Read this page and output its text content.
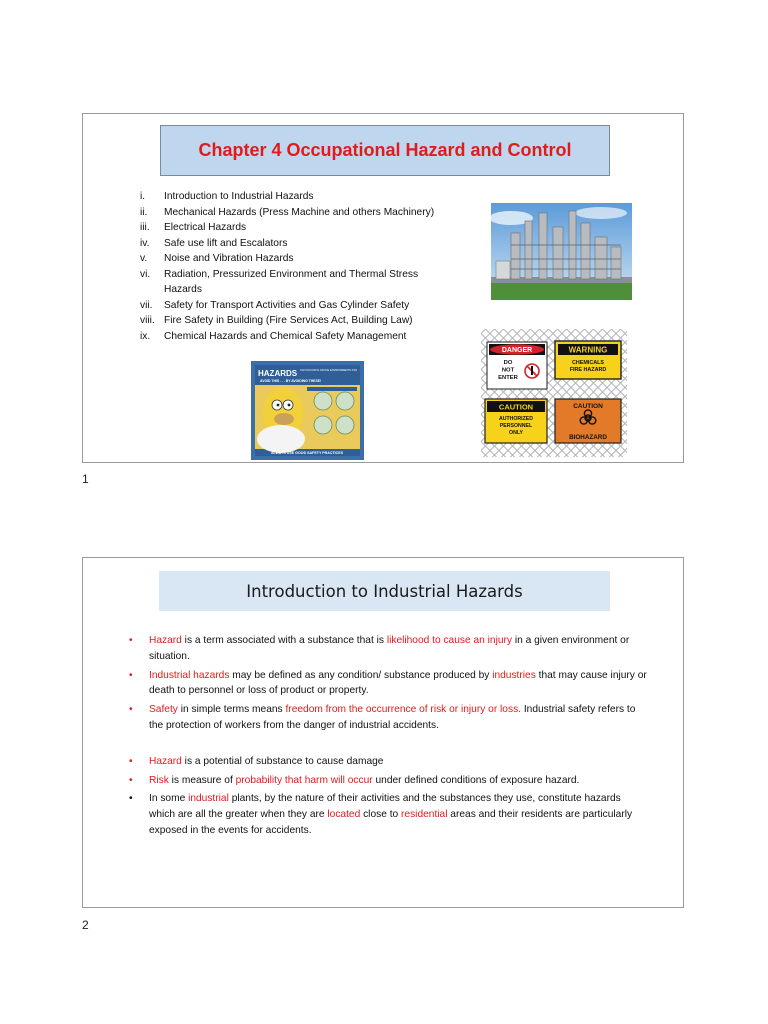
Chapter 4 Occupational Hazard and Control
i.	Introduction to Industrial Hazards
ii.	Mechanical Hazards (Press Machine and others Machinery)
iii.	Electrical Hazards
iv.	Safe use lift and Escalators
v.	Noise and Vibration Hazards
vi.	Radiation, Pressurized Environment and Thermal Stress Hazards
vii.	Safety for Transport Activities and Gas Cylinder Safety
viii. Fire Safety in Building (Fire Services Act, Building Law)
ix.	Chemical Hazards and Chemical Safety Management
HAZARDS CAN OCCUR IN OFFICE ENVIRONMENTS TOO
AVOID THIS . . . BY AVOIDING THESE!
ALWAYS USE GOOD SAFETY PRACTICES
DANGER
DO
NOT
ENTER
WARNING
CHEMICALS
FIRE HAZARD
CAUTION
AUTHORIZED
PERSONNEL
ONLY
CAUTION
BIOHAZARD
1
Introduction to Industrial Hazards
•	Hazard is a term associated with a substance that is likelihood to cause an injury in a given environment or situation.
•	Industrial hazards may be defined as any condition/ substance produced by industries that may cause injury or death to personnel or loss of product or property.
•	Safety in simple terms means freedom from the occurrence of risk or injury or loss. Industrial safety refers to the protection of workers from the danger of industrial accidents.
•	Hazard is a potential of substance to cause damage
•	Risk is measure of probability that harm will occur under defined conditions of exposure hazard.
•	In some industrial plants, by the nature of their activities and the substances they use, constitute hazards which are all the greater when they are located close to residential areas and their residents are particularly exposed in the events for accidents.
2
